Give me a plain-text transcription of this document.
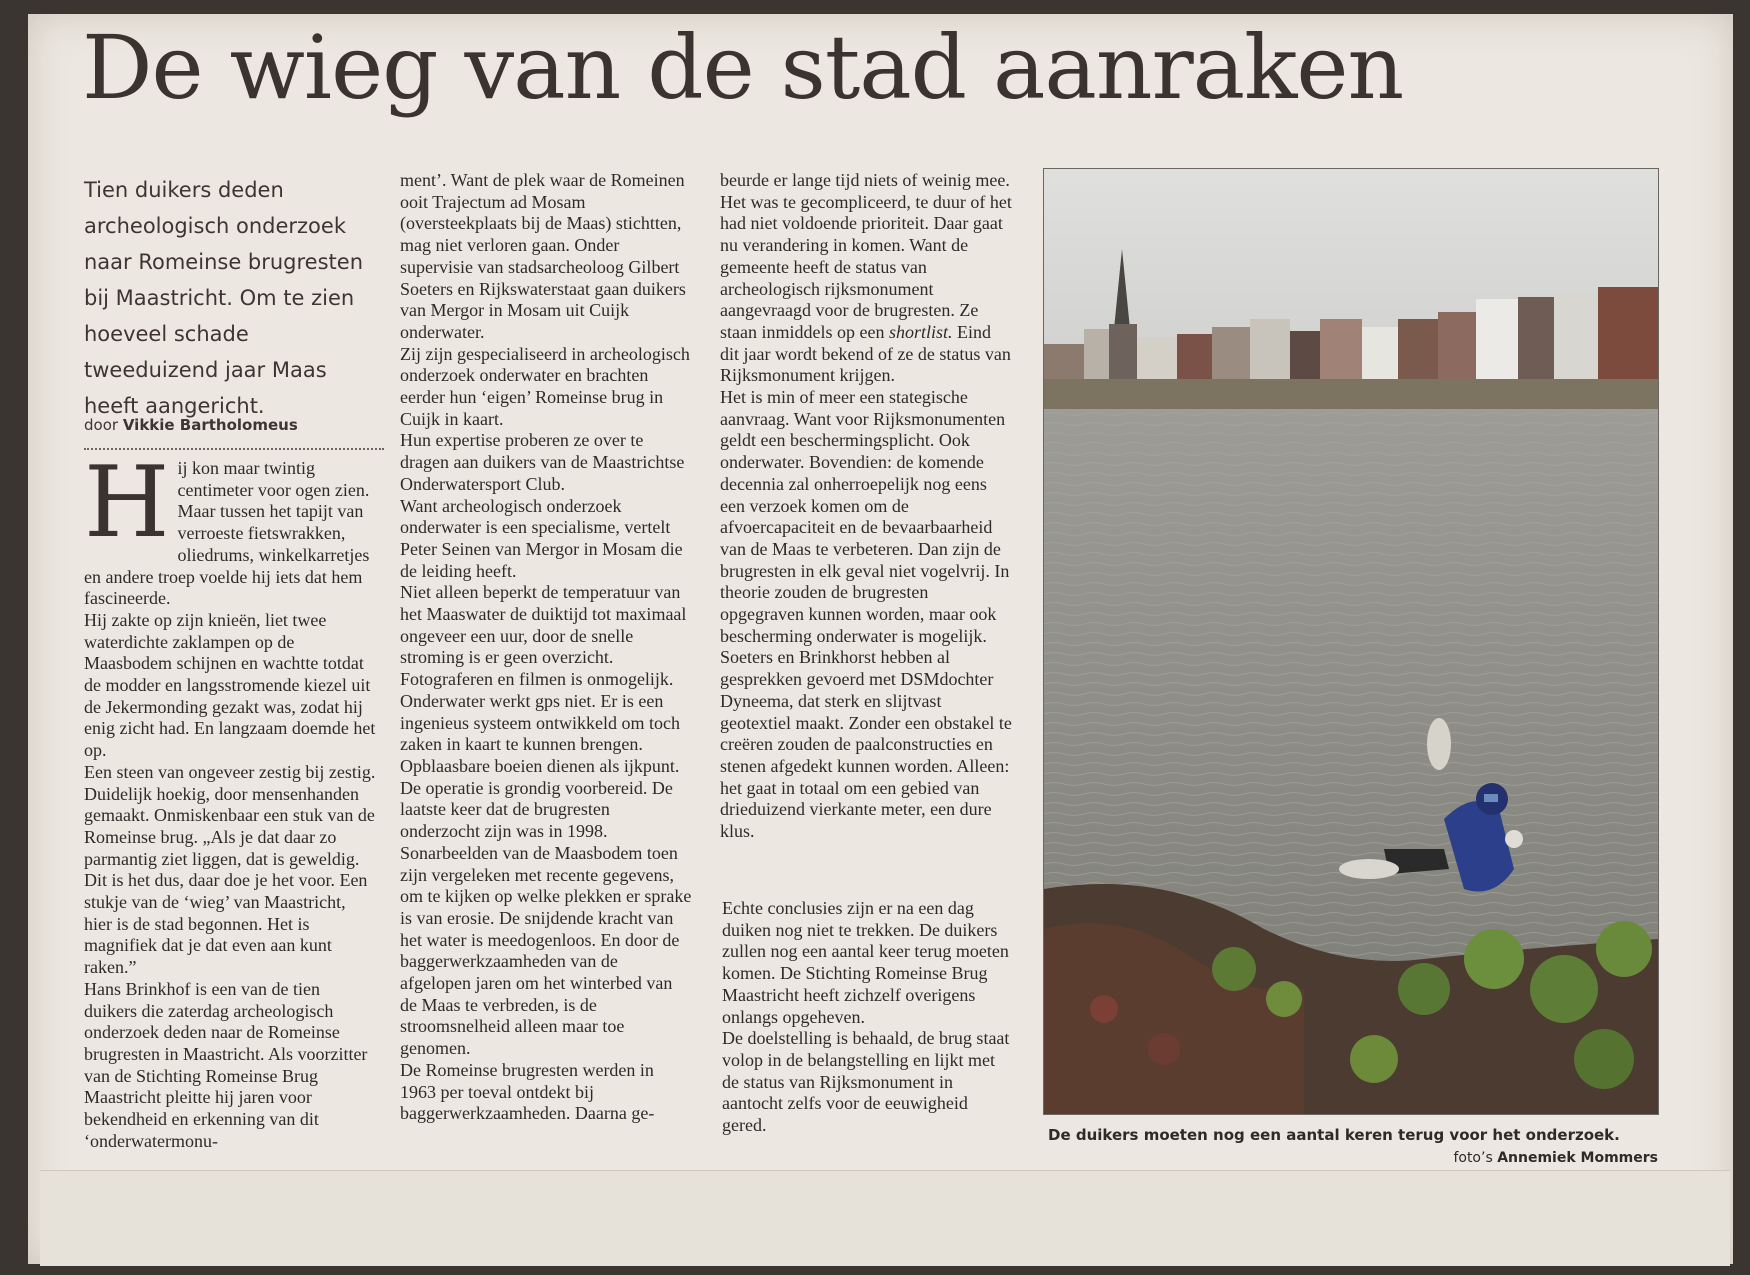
De wieg van de stad aanraken

Tien duikers deden archeologisch onderzoek naar Romeinse brugresten bij Maastricht. Om te zien hoeveel schade tweeduizend jaar Maas heeft aangericht.

door Vikkie Bartholomeus

Hij kon maar twintig centimeter voor ogen zien. Maar tussen het tapijt van verroeste fietswrakken, oliedrums, winkelkarretjes en andere troep voelde hij iets dat hem fascineerde.

Hij zakte op zijn knieën, liet twee waterdichte zaklampen op de Maasbodem schijnen en wachtte totdat de modder en langsstromende kiezel uit de Jekermonding gezakt was, zodat hij enig zicht had. En langzaam doemde het op.

Een steen van ongeveer zestig bij zestig. Duidelijk hoekig, door mensenhanden gemaakt. Onmiskenbaar een stuk van de Romeinse brug. „Als je dat daar zo parmantig ziet liggen, dat is geweldig. Dit is het dus, daar doe je het voor. Een stukje van de ‘wieg’ van Maastricht, hier is de stad begonnen. Het is magnifiek dat je dat even aan kunt raken.”

Hans Brinkhof is een van de tien duikers die zaterdag archeologisch onderzoek deden naar de Romeinse brugresten in Maastricht. Als voorzitter van de Stichting Romeinse Brug Maastricht pleitte hij jaren voor bekendheid en erkenning van dit ‘onderwatermonu-

ment’. Want de plek waar de Romeinen ooit Trajectum ad Mosam (oversteekplaats bij de Maas) stichtten, mag niet verloren gaan. Onder supervisie van stadsarcheoloog Gilbert Soeters en Rijkswaterstaat gaan duikers van Mergor in Mosam uit Cuijk onderwater.

Zij zijn gespecialiseerd in archeologisch onderzoek onderwater en brachten eerder hun ‘eigen’ Romeinse brug in Cuijk in kaart.

Hun expertise proberen ze over te dragen aan duikers van de Maastrichtse Onderwatersport Club.

Want archeologisch onderzoek onderwater is een specialisme, vertelt Peter Seinen van Mergor in Mosam die de leiding heeft.

Niet alleen beperkt de temperatuur van het Maaswater de duiktijd tot maximaal ongeveer een uur, door de snelle stroming is er geen overzicht.

Fotograferen en filmen is onmogelijk. Onderwater werkt gps niet. Er is een ingenieus systeem ontwikkeld om toch zaken in kaart te kunnen brengen. Opblaasbare boeien dienen als ijkpunt.

De operatie is grondig voorbereid. De laatste keer dat de brugresten onderzocht zijn was in 1998. Sonarbeelden van de Maasbodem toen zijn vergeleken met recente gegevens, om te kijken op welke plekken er sprake is van erosie. De snijdende kracht van het water is meedogenloos. En door de baggerwerkzaamheden van de afgelopen jaren om het winterbed van de Maas te verbreden, is de stroomsnelheid alleen maar toe genomen.

De Romeinse brugresten werden in 1963 per toeval ontdekt bij baggerwerkzaamheden. Daarna ge-

beurde er lange tijd niets of weinig mee. Het was te gecompliceerd, te duur of het had niet voldoende prioriteit. Daar gaat nu verandering in komen. Want de gemeente heeft de status van archeologisch rijksmonument aangevraagd voor de brugresten. Ze staan inmiddels op een shortlist. Eind dit jaar wordt bekend of ze de status van Rijksmonument krijgen.

Het is min of meer een stategische aanvraag. Want voor Rijksmonumenten geldt een beschermingsplicht. Ook onderwater. Bovendien: de komende decennia zal onherroepelijk nog eens een verzoek komen om de afvoercapaciteit en de bevaarbaarheid van de Maas te verbeteren. Dan zijn de brugresten in elk geval niet vogelvrij. In theorie zouden de brugresten opgegraven kunnen worden, maar ook bescherming onderwater is mogelijk.

Soeters en Brinkhorst hebben al gesprekken gevoerd met DSMdochter Dyneema, dat sterk en slijtvast geotextiel maakt. Zonder een obstakel te creëren zouden de paalconstructies en stenen afgedekt kunnen worden. Alleen: het gaat in totaal om een gebied van drieduizend vierkante meter, een dure klus.

Echte conclusies zijn er na een dag duiken nog niet te trekken. De duikers zullen nog een aantal keer terug moeten komen. De Stichting Romeinse Brug Maastricht heeft zichzelf overigens onlangs opgeheven.

De doelstelling is behaald, de brug staat volop in de belangstelling en lijkt met de status van Rijksmonument in aantocht zelfs voor de eeuwigheid gered.	De duikers moeten nog een aantal keren terug voor het onderzoek.
foto’s Annemiek Mommers
